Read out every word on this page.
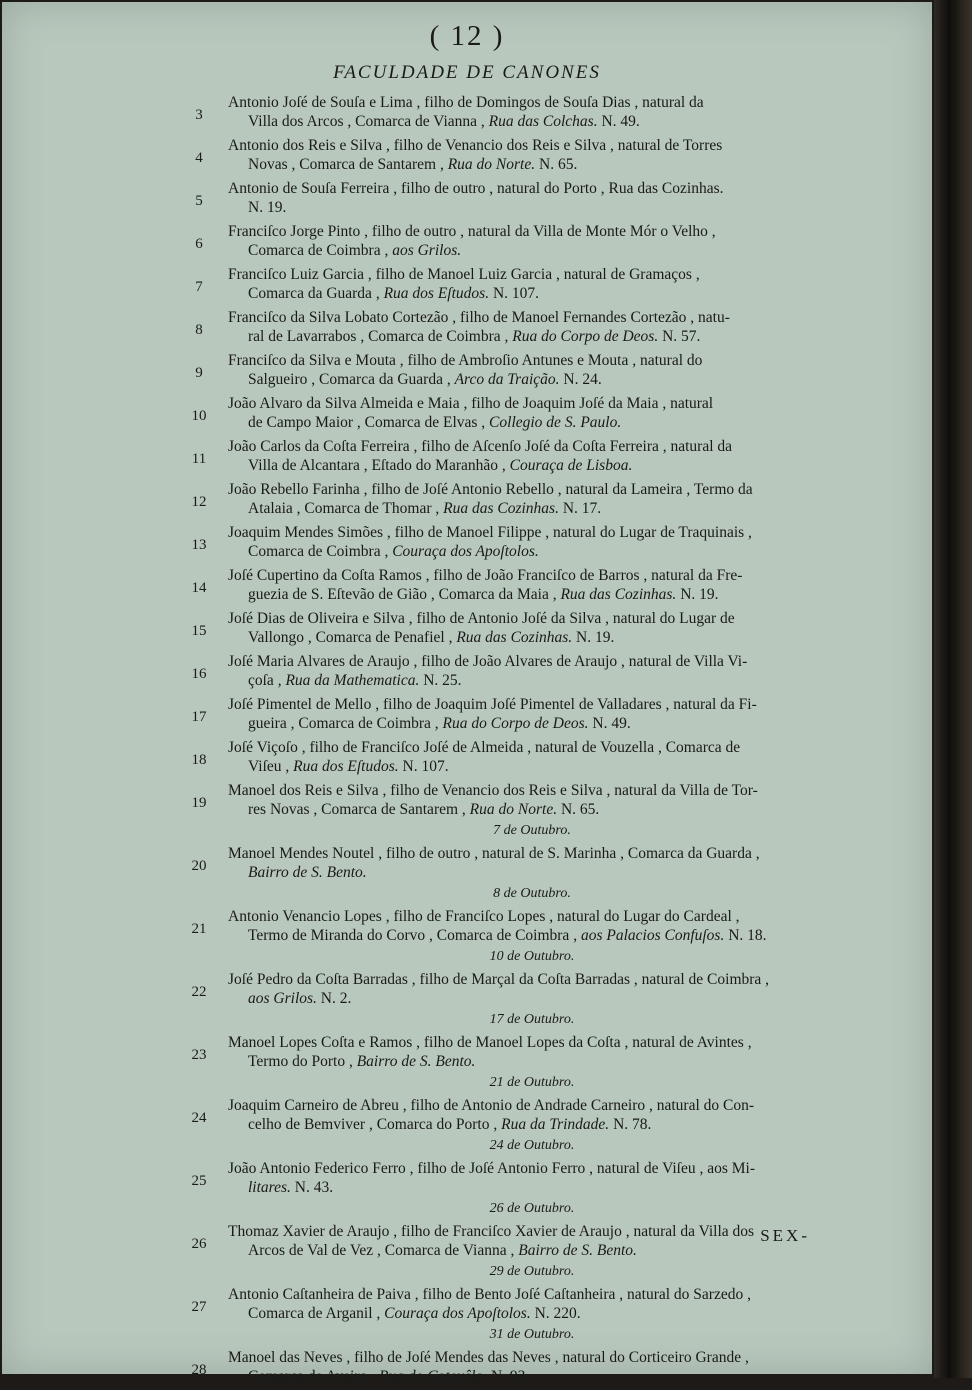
( 12 )
FACULDADE DE CANONES
3
Antonio Joſé de Souſa e Lima , filho de Domingos de Souſa Dias , natural da
Villa dos Arcos , Comarca de Vianna , Rua das Colchas. N. 49.
4
Antonio dos Reis e Silva , filho de Venancio dos Reis e Silva , natural de Torres
Novas , Comarca de Santarem , Rua do Norte. N. 65.
5
Antonio de Souſa Ferreira , filho de outro , natural do Porto , Rua das Cozinhas.
N. 19.
6
Franciſco Jorge Pinto , filho de outro , natural da Villa de Monte Mór o Velho ,
Comarca de Coimbra , aos Grilos.
7
Franciſco Luiz Garcia , filho de Manoel Luiz Garcia , natural de Gramaços ,
Comarca da Guarda , Rua dos Eſtudos. N. 107.
8
Franciſco da Silva Lobato Cortezão , filho de Manoel Fernandes Cortezão , natu-
ral de Lavarrabos , Comarca de Coimbra , Rua do Corpo de Deos. N. 57.
9
Franciſco da Silva e Mouta , filho de Ambroſio Antunes e Mouta , natural do
Salgueiro , Comarca da Guarda , Arco da Traição. N. 24.
10
João Alvaro da Silva Almeida e Maia , filho de Joaquim Joſé da Maia , natural
de Campo Maior , Comarca de Elvas , Collegio de S. Paulo.
11
João Carlos da Coſta Ferreira , filho de Aſcenſo Joſé da Coſta Ferreira , natural da
Villa de Alcantara , Eſtado do Maranhão , Couraça de Lisboa.
12
João Rebello Farinha , filho de Joſé Antonio Rebello , natural da Lameira , Termo da
Atalaia , Comarca de Thomar , Rua das Cozinhas. N. 17.
13
Joaquim Mendes Simões , filho de Manoel Filippe , natural do Lugar de Traquinais ,
Comarca de Coimbra , Couraça dos Apoſtolos.
14
Joſé Cupertino da Coſta Ramos , filho de João Franciſco de Barros , natural da Fre-
guezia de S. Eſtevão de Gião , Comarca da Maia , Rua das Cozinhas. N. 19.
15
Joſé Dias de Oliveira e Silva , filho de Antonio Joſé da Silva , natural do Lugar de
Vallongo , Comarca de Penafiel , Rua das Cozinhas. N. 19.
16
Joſé Maria Alvares de Araujo , filho de João Alvares de Araujo , natural de Villa Vi-
çoſa , Rua da Mathematica. N. 25.
17
Joſé Pimentel de Mello , filho de Joaquim Joſé Pimentel de Valladares , natural da Fi-
gueira , Comarca de Coimbra , Rua do Corpo de Deos. N. 49.
18
Joſé Viçoſo , filho de Franciſco Joſé de Almeida , natural de Vouzella , Comarca de
Viſeu , Rua dos Eſtudos. N. 107.
19
Manoel dos Reis e Silva , filho de Venancio dos Reis e Silva , natural da Villa de Tor-
res Novas , Comarca de Santarem , Rua do Norte. N. 65.
7 de Outubro.
20
Manoel Mendes Noutel , filho de outro , natural de S. Marinha , Comarca da Guarda ,
Bairro de S. Bento.
8 de Outubro.
21
Antonio Venancio Lopes , filho de Franciſco Lopes , natural do Lugar do Cardeal ,
Termo de Miranda do Corvo , Comarca de Coimbra , aos Palacios Confuſos. N. 18.
10 de Outubro.
22
Joſé Pedro da Coſta Barradas , filho de Marçal da Coſta Barradas , natural de Coimbra ,
aos Grilos. N. 2.
17 de Outubro.
23
Manoel Lopes Coſta e Ramos , filho de Manoel Lopes da Coſta , natural de Avintes ,
Termo do Porto , Bairro de S. Bento.
21 de Outubro.
24
Joaquim Carneiro de Abreu , filho de Antonio de Andrade Carneiro , natural do Con-
celho de Bemviver , Comarca do Porto , Rua da Trindade. N. 78.
24 de Outubro.
25
João Antonio Federico Ferro , filho de Joſé Antonio Ferro , natural de Viſeu , aos Mi-
litares. N. 43.
26 de Outubro.
26
Thomaz Xavier de Araujo , filho de Franciſco Xavier de Araujo , natural da Villa dos
Arcos de Val de Vez , Comarca de Vianna , Bairro de S. Bento.
29 de Outubro.
27
Antonio Caſtanheira de Paiva , filho de Bento Joſé Caſtanheira , natural do Sarzedo ,
Comarca de Arganil , Couraça dos Apoſtolos. N. 220.
31 de Outubro.
28
Manoel das Neves , filho de Joſé Mendes das Neves , natural do Corticeiro Grande ,
Comarca de Aveiro , Rua do Cotovêlo. N. 93.
SEX-
